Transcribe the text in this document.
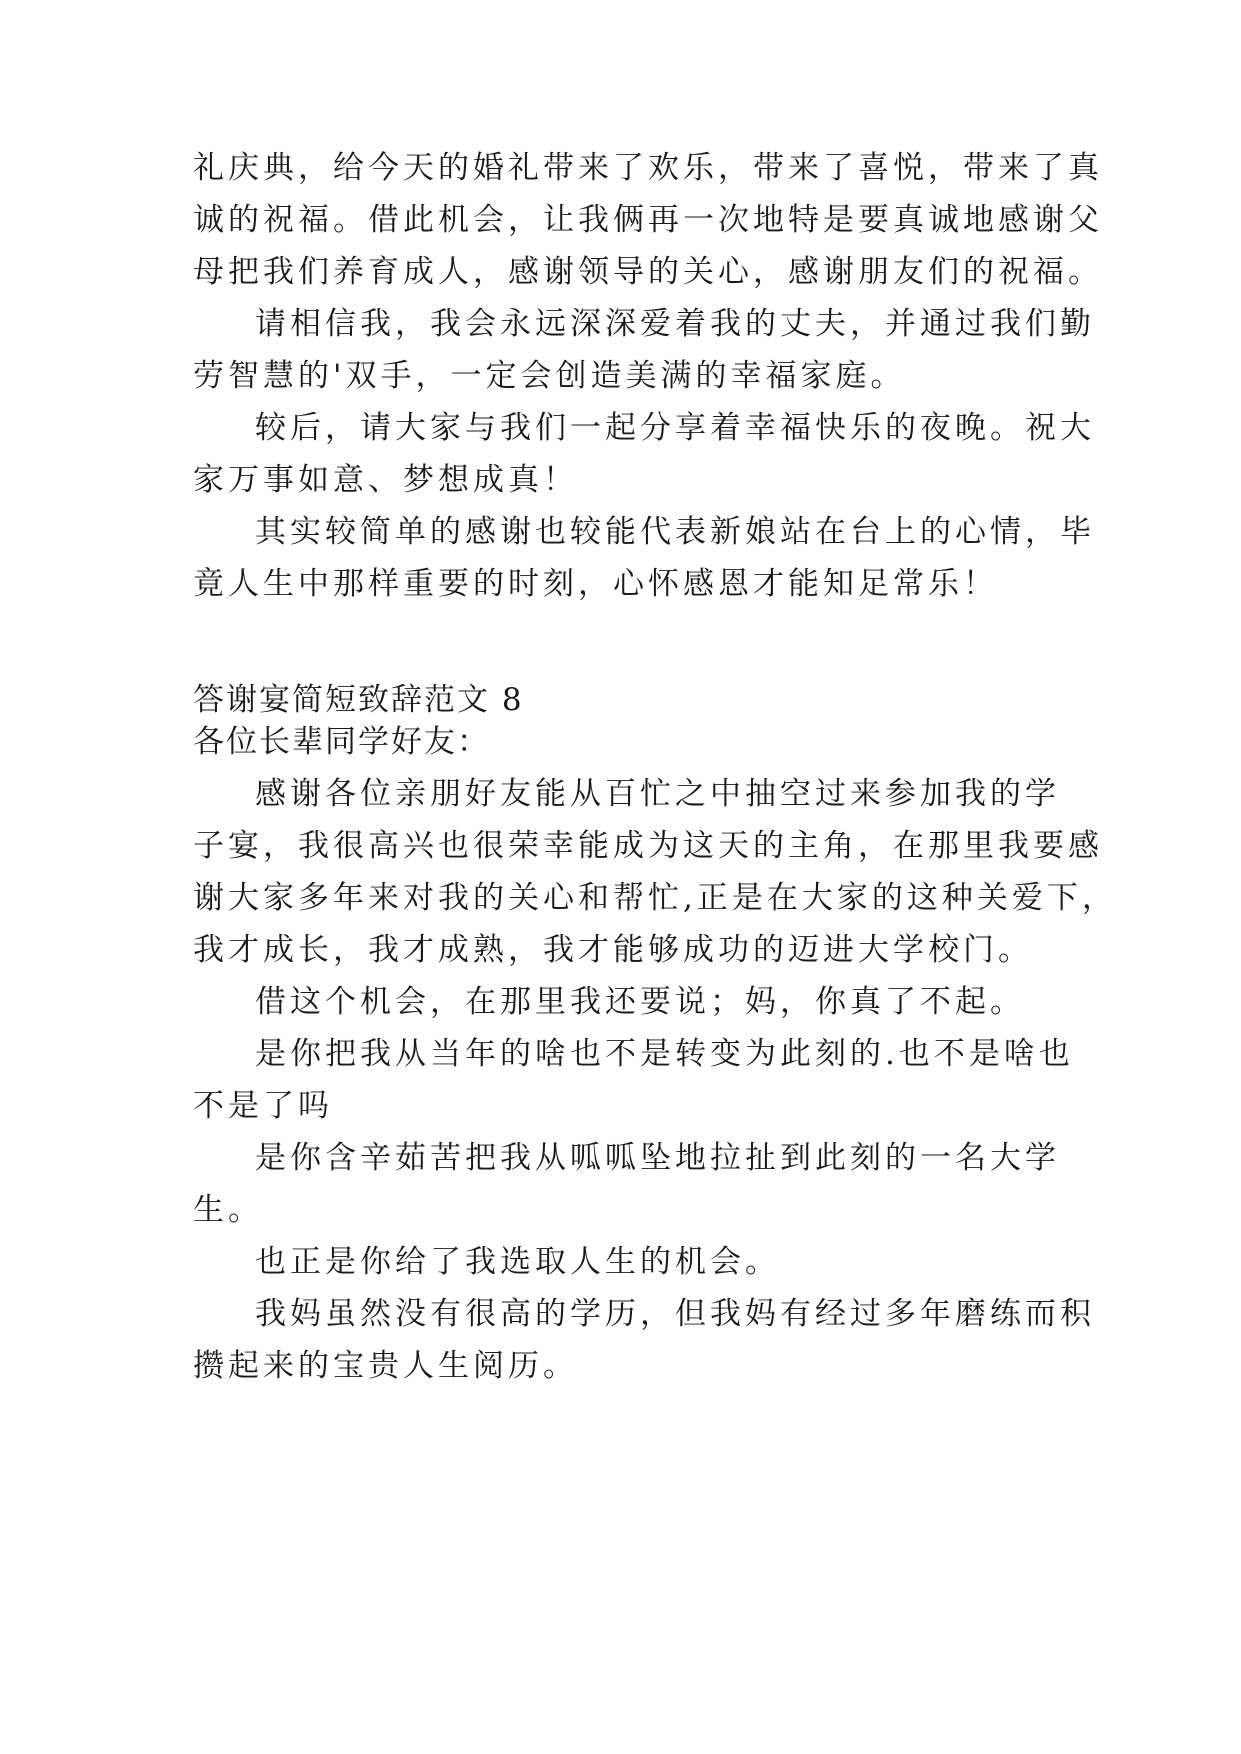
礼庆典，给今天的婚礼带来了欢乐，带来了喜悦，带来了真
诚的祝福。借此机会，让我俩再一次地特是要真诚地感谢父
母把我们养育成人，感谢领导的关心，感谢朋友们的祝福。
请相信我，我会永远深深爱着我的丈夫，并通过我们勤
劳智慧的'双手，一定会创造美满的幸福家庭。
较后，请大家与我们一起分享着幸福快乐的夜晚。祝大
家万事如意、梦想成真！
其实较简单的感谢也较能代表新娘站在台上的心情，毕
竟人生中那样重要的时刻，心怀感恩才能知足常乐！
答谢宴简短致辞范文 8
各位长辈同学好友：
感谢各位亲朋好友能从百忙之中抽空过来参加我的学
子宴，我很高兴也很荣幸能成为这天的主角，在那里我要感
谢大家多年来对我的关心和帮忙,正是在大家的这种关爱下，
我才成长，我才成熟，我才能够成功的迈进大学校门。
借这个机会，在那里我还要说；妈，你真了不起。
是你把我从当年的啥也不是转变为此刻的.也不是啥也
不是了吗
是你含辛茹苦把我从呱呱坠地拉扯到此刻的一名大学
生。
也正是你给了我选取人生的机会。
我妈虽然没有很高的学历，但我妈有经过多年磨练而积
攒起来的宝贵人生阅历。
